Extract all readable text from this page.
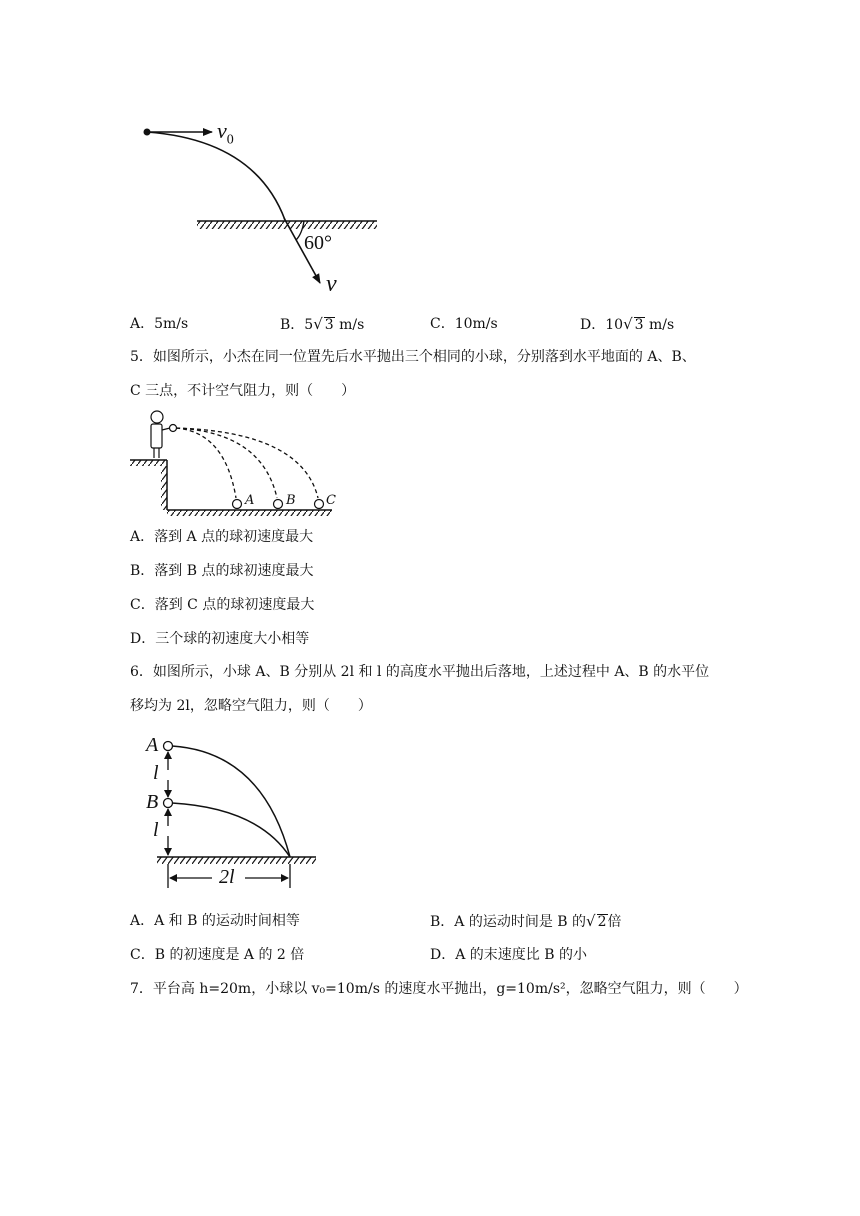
$v_0$
60°
v
A．5m/s	B．5√ 3 m/s	C．10m/s	D．10√ 3 m/s
5．如图所示，小杰在同一位置先后水平抛出三个相同的小球，分别落到水平地面的 A、B、
C 三点，不计空气阻力，则（　　）
A B C
A．落到 A 点的球初速度最大
B．落到 B 点的球初速度最大
C．落到 C 点的球初速度最大
D．三个球的初速度大小相等
6．如图所示，小球 A、B 分别从 2l 和 l 的高度水平抛出后落地，上述过程中 A、B 的水平位
移均为 2l，忽略空气阻力，则（　　）
A
B
l
l
2l
A．A 和 B 的运动时间相等	B．A 的运动时间是 B 的√ 2倍
C．B 的初速度是 A 的 2 倍	D．A 的末速度比 B 的小
7．平台高 h=20m，小球以 v₀=10m/s 的速度水平抛出，g=10m/s²，忽略空气阻力，则（　　）
